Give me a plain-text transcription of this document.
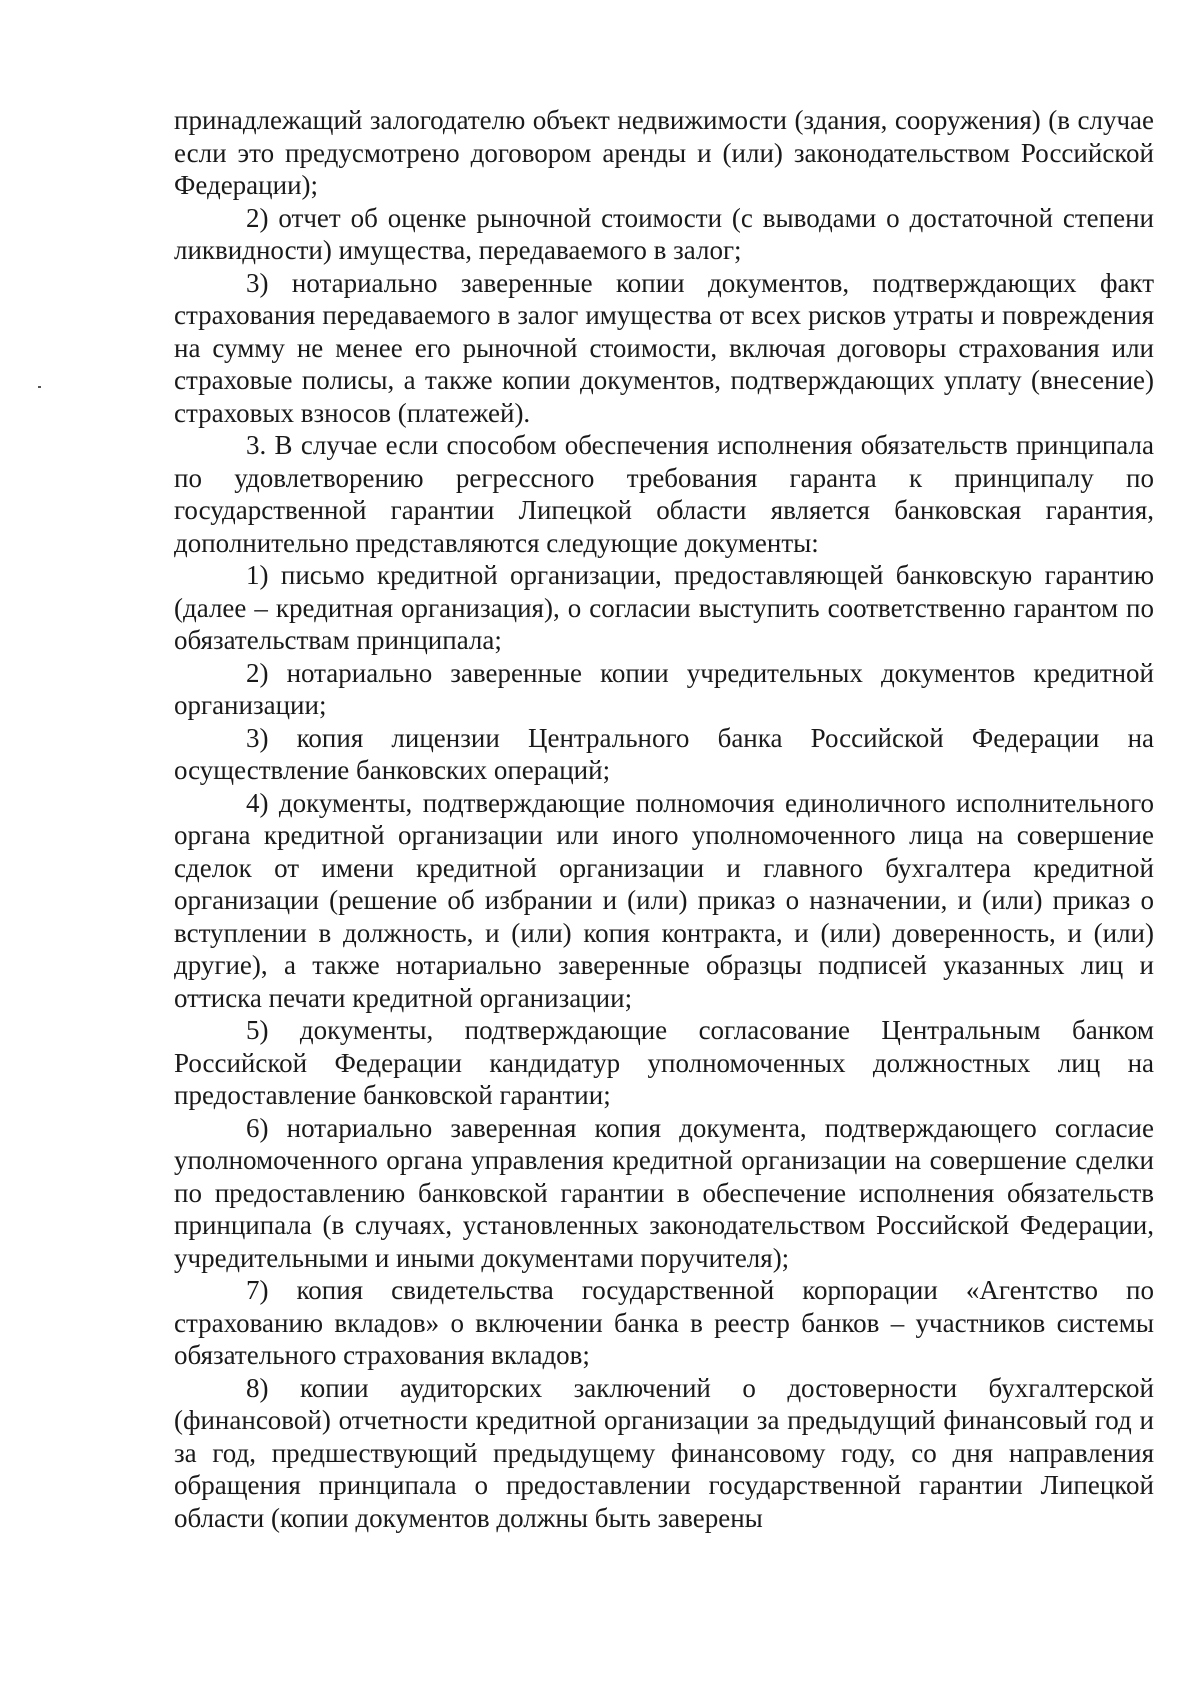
принадлежащий залогодателю объект недвижимости (здания, сооружения) (в случае если это предусмотрено договором аренды и (или) законодательством Российской Федерации);

2) отчет об оценке рыночной стоимости (с выводами о достаточной степени ликвидности) имущества, передаваемого в залог;

3) нотариально заверенные копии документов, подтверждающих факт страхования передаваемого в залог имущества от всех рисков утраты и повреждения на сумму не менее его рыночной стоимости, включая договоры страхования или страховые полисы, а также копии документов, подтверждающих уплату (внесение) страховых взносов (платежей).

3. В случае если способом обеспечения исполнения обязательств принципала по удовлетворению регрессного требования гаранта к принципалу по государственной гарантии Липецкой области является банковская гарантия, дополнительно представляются следующие документы:

1) письмо кредитной организации, предоставляющей банковскую гарантию (далее – кредитная организация), о согласии выступить соответственно гарантом по обязательствам принципала;

2) нотариально заверенные копии учредительных документов кредитной организации;

3) копия лицензии Центрального банка Российской Федерации на осуществление банковских операций;

4) документы, подтверждающие полномочия единоличного исполнительного органа кредитной организации или иного уполномоченного лица на совершение сделок от имени кредитной организации и главного бухгалтера кредитной организации (решение об избрании и (или) приказ о назначении, и (или) приказ о вступлении в должность, и (или) копия контракта, и (или) доверенность, и (или) другие), а также нотариально заверенные образцы подписей указанных лиц и оттиска печати кредитной организации;

5) документы, подтверждающие согласование Центральным банком Российской Федерации кандидатур уполномоченных должностных лиц на предоставление банковской гарантии;

6) нотариально заверенная копия документа, подтверждающего согласие уполномоченного органа управления кредитной организации на совершение сделки по предоставлению банковской гарантии в обеспечение исполнения обязательств принципала (в случаях, установленных законодательством Российской Федерации, учредительными и иными документами поручителя);

7) копия свидетельства государственной корпорации «Агентство по страхованию вкладов» о включении банка в реестр банков – участников системы обязательного страхования вкладов;

8) копии аудиторских заключений о достоверности бухгалтерской (финансовой) отчетности кредитной организации за предыдущий финансовый год и за год, предшествующий предыдущему финансовому году, со дня направления обращения принципала о предоставлении государственной гарантии Липецкой области (копии документов должны быть заверены
